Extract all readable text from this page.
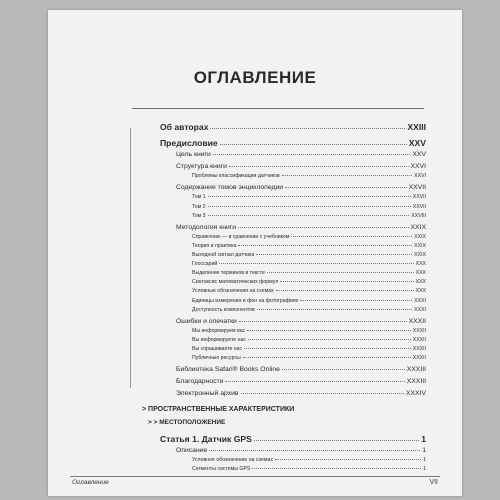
ОГЛАВЛЕНИЕ
Об авторах	XXIII
Предисловие	XXV
Цель книги	XXV
Структура книги	XXVI
Проблемы классификации датчиков	XXVI
Содержание томов энциклопедии	XXVII
Том 1	XXVII
Том 2	XXVII
Том 3	XXVIII
Методология книги	XXIX
Справочник — в сравнении с учебником	XXIX
Теория и практика	XXIX
Выходной сигнал датчика	XXIX
Глоссарий	XXX
Выделение терминов в тексте	XXX
Синтаксис математических формул	XXX
Условные обозначения на схемах	XXX
Единицы измерения и фон на фотографиях	XXXI
Доступность компонентов	XXXI
Ошибки и опечатки	XXXII
Мы информируем вас	XXXII
Вы информируете нас	XXXII
Вы спрашиваете нас	XXXII
Публичные ресурсы	XXXII
Библиотека Safari® Books Online	XXXIII
Благодарности	XXXIII
Электронный архив	XXXIV
> ПРОСТРАНСТВЕННЫЕ ХАРАКТЕРИСТИКИ
> > МЕСТОПОЛОЖЕНИЕ
Статья 1. Датчик GPS	1
Описание	1
Условное обозначение на схемах	1
Сегменты системы GPS	1
Оглавление	VII
